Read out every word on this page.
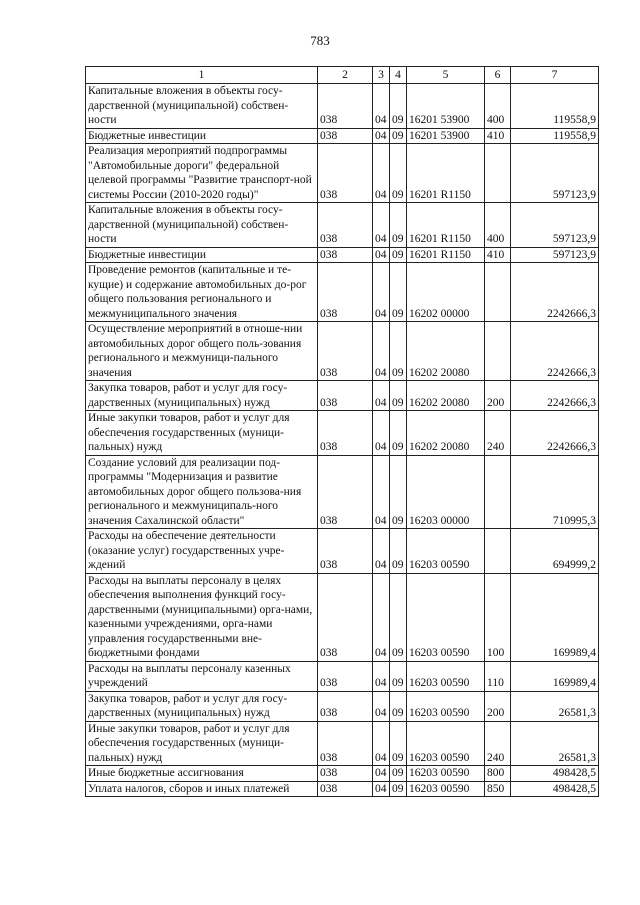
783
1	2	3	4	5	6	7
Капитальные вложения в объекты госу-дарственной (муниципальной) собствен-ности	038	04	09	16201 53900	400	119558,9
Бюджетные инвестиции	038	04	09	16201 53900	410	119558,9
Реализация мероприятий подпрограммы "Автомобильные дороги" федеральной целевой программы "Развитие транспорт-ной системы России (2010-2020 годы)"	038	04	09	16201 R1150		597123,9
Капитальные вложения в объекты госу-дарственной (муниципальной) собствен-ности	038	04	09	16201 R1150	400	597123,9
Бюджетные инвестиции	038	04	09	16201 R1150	410	597123,9
Проведение ремонтов (капитальные и те-кущие) и содержание автомобильных до-рог общего пользования регионального и межмуниципального значения	038	04	09	16202 00000		2242666,3
Осуществление мероприятий в отноше-нии автомобильных дорог общего поль-зования регионального и межмуници-пального значения	038	04	09	16202 20080		2242666,3
Закупка товаров, работ и услуг для госу-дарственных (муниципальных) нужд	038	04	09	16202 20080	200	2242666,3
Иные закупки товаров, работ и услуг для обеспечения государственных (муници-пальных) нужд	038	04	09	16202 20080	240	2242666,3
Создание условий для реализации под-программы "Модернизация и развитие автомобильных дорог общего пользова-ния регионального и межмуниципаль-ного значения Сахалинской области"	038	04	09	16203 00000		710995,3
Расходы на обеспечение деятельности (оказание услуг) государственных учре-ждений	038	04	09	16203 00590		694999,2
Расходы на выплаты персоналу в целях обеспечения выполнения функций госу-дарственными (муниципальными) орга-нами, казенными учреждениями, орга-нами управления государственными вне-бюджетными фондами	038	04	09	16203 00590	100	169989,4
Расходы на выплаты персоналу казенных учреждений	038	04	09	16203 00590	110	169989,4
Закупка товаров, работ и услуг для госу-дарственных (муниципальных) нужд	038	04	09	16203 00590	200	26581,3
Иные закупки товаров, работ и услуг для обеспечения государственных (муници-пальных) нужд	038	04	09	16203 00590	240	26581,3
Иные бюджетные ассигнования	038	04	09	16203 00590	800	498428,5
Уплата налогов, сборов и иных платежей	038	04	09	16203 00590	850	498428,5
